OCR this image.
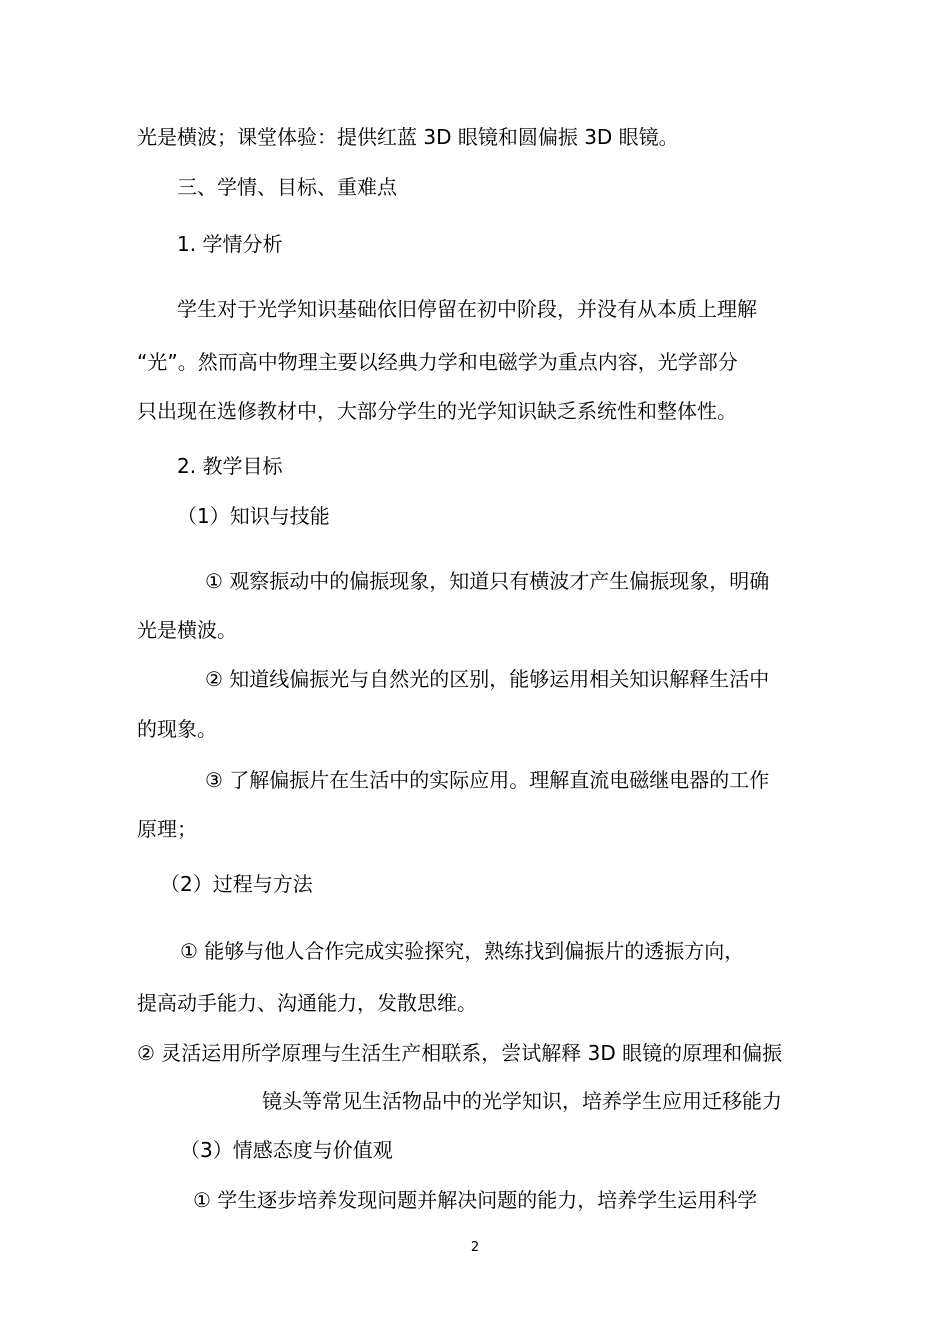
光是横波；课堂体验：提供红蓝 3D 眼镜和圆偏振 3D 眼镜。
三、学情、目标、重难点
1. 学情分析
学生对于光学知识基础依旧停留在初中阶段，并没有从本质上理解
“光”。然而高中物理主要以经典力学和电磁学为重点内容，光学部分
只出现在选修教材中，大部分学生的光学知识缺乏系统性和整体性。
2. 教学目标
（1）知识与技能
① 观察振动中的偏振现象，知道只有横波才产生偏振现象，明确
光是横波。
② 知道线偏振光与自然光的区别，能够运用相关知识解释生活中
的现象。
③ 了解偏振片在生活中的实际应用。理解直流电磁继电器的工作
原理；
（2）过程与方法
① 能够与他人合作完成实验探究，熟练找到偏振片的透振方向，
提高动手能力、沟通能力，发散思维。
② 灵活运用所学原理与生活生产相联系，尝试解释 3D 眼镜的原理和偏振
镜头等常见生活物品中的光学知识，培养学生应用迁移能力
（3）情感态度与价值观
① 学生逐步培养发现问题并解决问题的能力，培养学生运用科学
2
